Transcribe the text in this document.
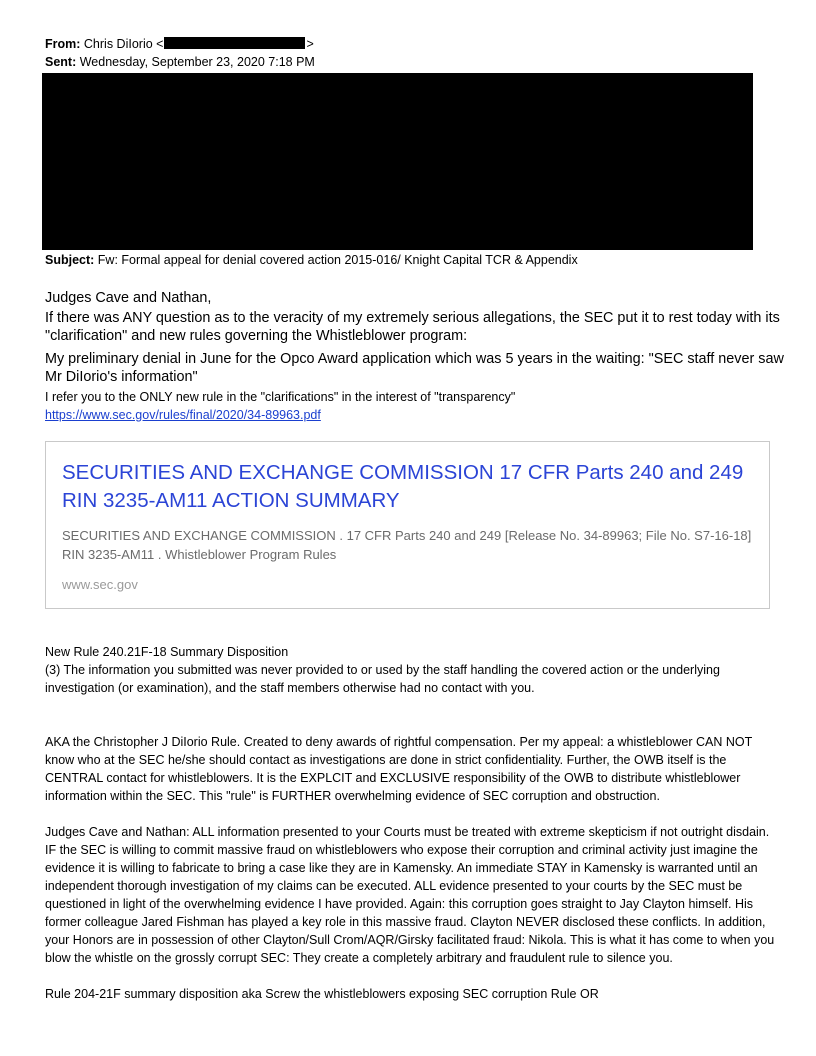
From: Chris DiIorio <	>
Sent: Wednesday, September 23, 2020 7:18 PM
Subject: Fw: Formal appeal for denial covered action 2015-016/ Knight Capital TCR & Appendix
Judges Cave and Nathan,
If there was ANY question as to the veracity of my extremely serious allegations, the SEC put it to rest today with its "clarification" and new rules governing the Whistleblower program:
My preliminary denial in June for the Opco Award application which was 5 years in the waiting: "SEC staff never saw Mr DiIorio's information"
I refer you to the ONLY new rule in the "clarifications" in the interest of "transparency"
https://www.sec.gov/rules/final/2020/34-89963.pdf
SECURITIES AND EXCHANGE COMMISSION 17 CFR Parts 240 and 249 RIN 3235-AM11 ACTION SUMMARY
SECURITIES AND EXCHANGE COMMISSION . 17 CFR Parts 240 and 249 [Release No. 34-89963; File No. S7-16-18] RIN 3235-AM11 . Whistleblower Program Rules
www.sec.gov
New Rule 240.21F-18 Summary Disposition
(3) The information you submitted was never provided to or used by the staff handling the covered action or the underlying investigation (or examination), and the staff members otherwise had no contact with you.
AKA the Christopher J DiIorio Rule. Created to deny awards of rightful compensation. Per my appeal: a whistleblower CAN NOT know who at the SEC he/she should contact as investigations are done in strict confidentiality. Further, the OWB itself is the CENTRAL contact for whistleblowers. It is the EXPLCIT and EXCLUSIVE responsibility of the OWB to distribute whistleblower information within the SEC. This "rule" is FURTHER overwhelming evidence of SEC corruption and obstruction.
Judges Cave and Nathan: ALL information presented to your Courts must be treated with extreme skepticism if not outright disdain. IF the SEC is willing to commit massive fraud on whistleblowers who expose their corruption and criminal activity just imagine the evidence it is willing to fabricate to bring a case like they are in Kamensky. An immediate STAY in Kamensky is warranted until an independent thorough investigation of my claims can be executed. ALL evidence presented to your courts by the SEC must be questioned in light of the overwhelming evidence I have provided. Again: this corruption goes straight to Jay Clayton himself. His former colleague Jared Fishman has played a key role in this massive fraud. Clayton NEVER disclosed these conflicts. In addition, your Honors are in possession of other Clayton/Sull Crom/AQR/Girsky facilitated fraud: Nikola. This is what it has come to when you blow the whistle on the grossly corrupt SEC: They create a completely arbitrary and fraudulent rule to silence you.
Rule 204-21F summary disposition aka Screw the whistleblowers exposing SEC corruption Rule OR
